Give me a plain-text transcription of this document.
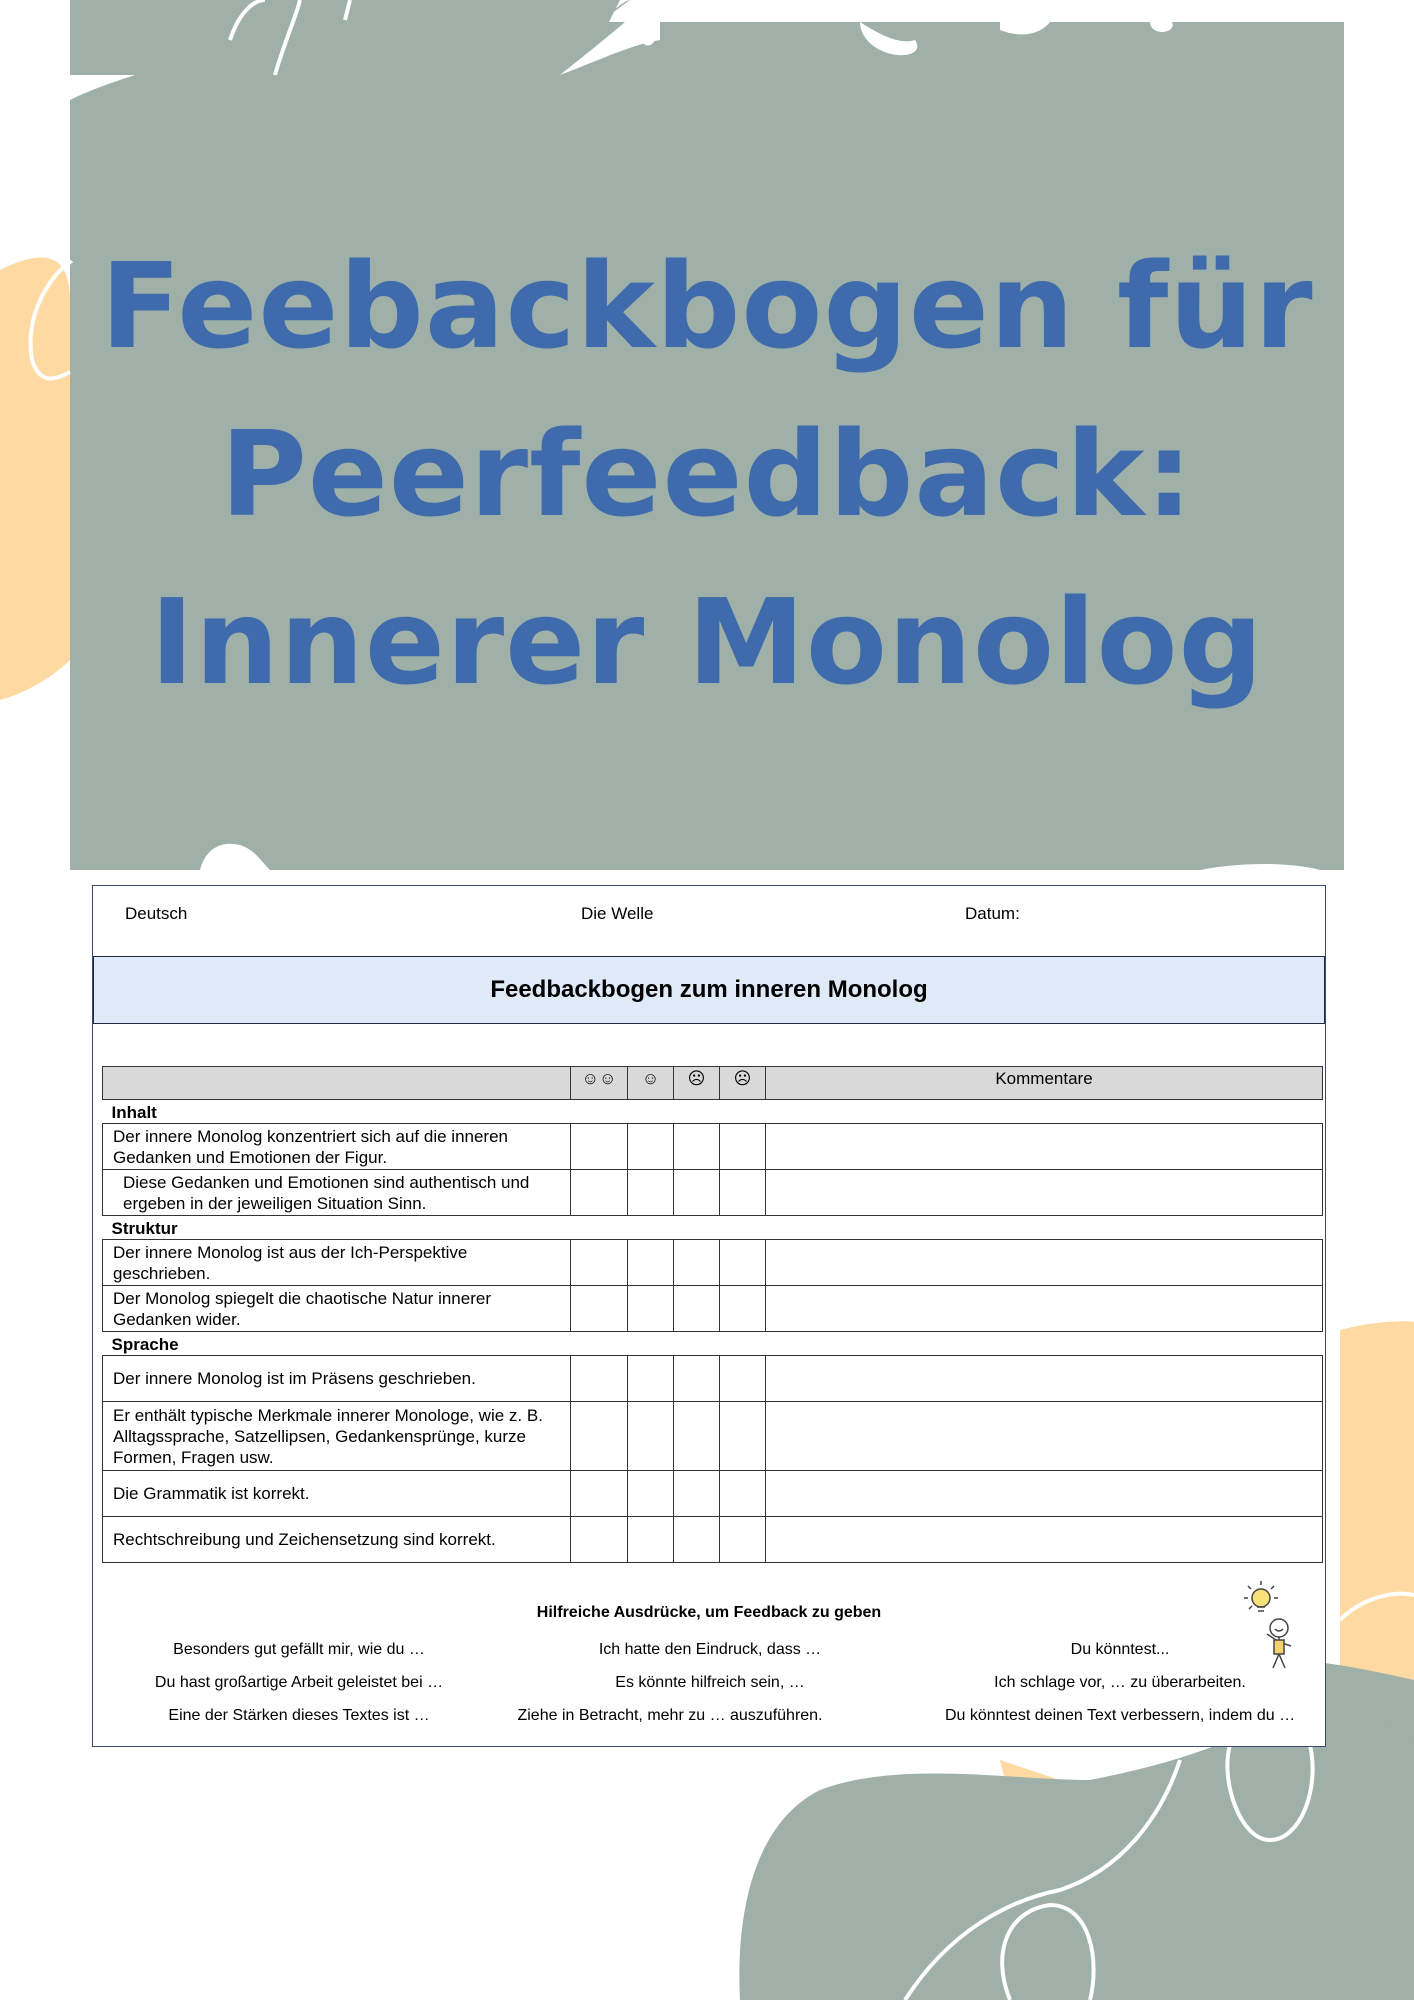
Feebackbogen für
Peerfeedback:
Innerer Monolog
Deutsch	Die Welle	Datum:
Feedbackbogen zum inneren Monolog
	☺☺	☺	☹	☹	Kommentare
Inhalt					
Der innere Monolog konzentriert sich auf die inneren Gedanken und Emotionen der Figur.					
Diese Gedanken und Emotionen sind authentisch und ergeben in der jeweiligen Situation Sinn.					
Struktur					
Der innere Monolog ist aus der Ich-Perspektive geschrieben.					
Der Monolog spiegelt die chaotische Natur innerer Gedanken wider.					
Sprache					
Der innere Monolog ist im Präsens geschrieben.					
Er enthält typische Merkmale innerer Monologe, wie z. B. Alltagssprache, Satzellipsen, Gedankensprünge, kurze Formen, Fragen usw.					
Die Grammatik ist korrekt.					
Rechtschreibung und Zeichensetzung sind korrekt.					
Hilfreiche Ausdrücke, um Feedback zu geben
Besonders gut gefällt mir, wie du …	Ich hatte den Eindruck, dass …	Du könntest...
Du hast großartige Arbeit geleistet bei …	Es könnte hilfreich sein, …	Ich schlage vor, … zu überarbeiten.
Eine der Stärken dieses Textes ist …	Ziehe in Betracht, mehr zu … auszuführen.	Du könntest deinen Text verbessern, indem du …
